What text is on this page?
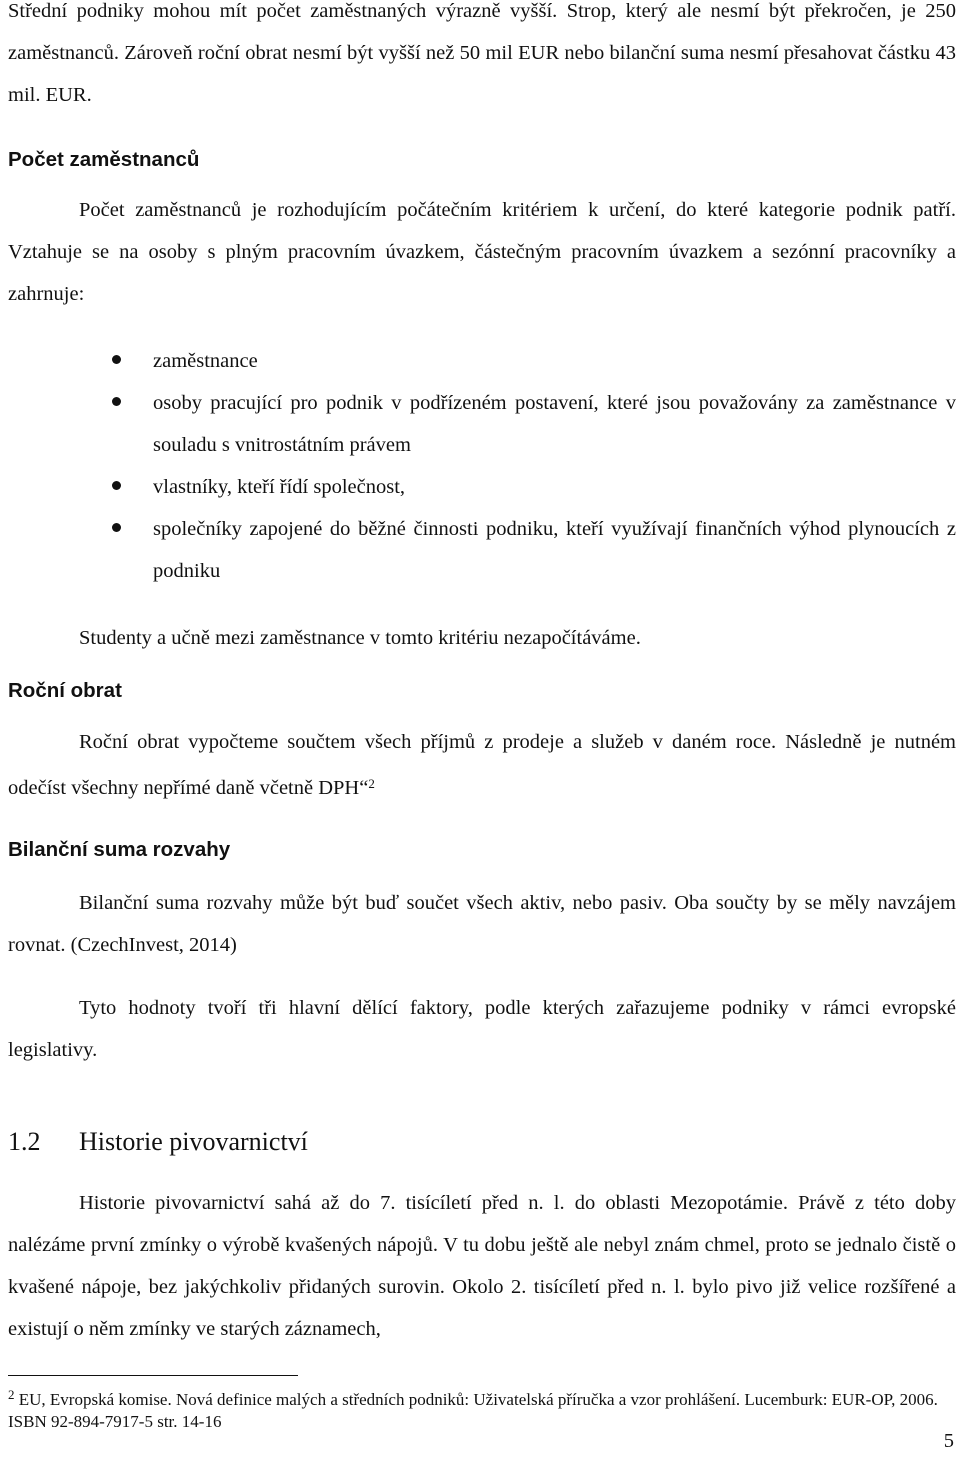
Střední podniky mohou mít počet zaměstnaných výrazně vyšší. Strop, který ale nesmí být překročen, je 250 zaměstnanců. Zároveň roční obrat nesmí být vyšší než 50 mil EUR nebo bilanční suma nesmí přesahovat částku 43 mil. EUR.

Počet zaměstnanců

Počet zaměstnanců je rozhodujícím počátečním kritériem k určení, do které kategorie podnik patří. Vztahuje se na osoby s plným pracovním úvazkem, částečným pracovním úvazkem a sezónní pracovníky a zahrnuje:

zaměstnance
osoby pracující pro podnik v podřízeném postavení, které jsou považovány za zaměstnance v souladu s vnitrostátním právem
vlastníky, kteří řídí společnost,
společníky zapojené do běžné činnosti podniku, kteří využívají finančních výhod plynoucích z podniku

Studenty a učně mezi zaměstnance v tomto kritériu nezapočítáváme.

Roční obrat

Roční obrat vypočteme součtem všech příjmů z prodeje a služeb v daném roce. Následně je nutném odečíst všechny nepřímé daně včetně DPH“$^2$

Bilanční suma rozvahy

Bilanční suma rozvahy může být buď součet všech aktiv, nebo pasiv. Oba součty by se měly navzájem rovnat. (CzechInvest, 2014)

Tyto hodnoty tvoří tři hlavní dělící faktory, podle kterých zařazujeme podniky v rámci evropské legislativy.

1.2 Historie pivovarnictví

Historie pivovarnictví sahá až do 7. tisícíletí před n. l. do oblasti Mezopotámie. Právě z této doby nalézáme první zmínky o výrobě kvašených nápojů. V tu dobu ještě ale nebyl znám chmel, proto se jednalo čistě o kvašené nápoje, bez jakýchkoliv přidaných surovin. Okolo 2. tisícíletí před n. l. bylo pivo již velice rozšířené a existují o něm zmínky ve starých záznamech,

$^2$ EU, Evropská komise. Nová definice malých a středních podniků: Uživatelská příručka a vzor prohlášení. Lucemburk: EUR-OP, 2006. ISBN 92-894-7917-5 str. 14-16
5
